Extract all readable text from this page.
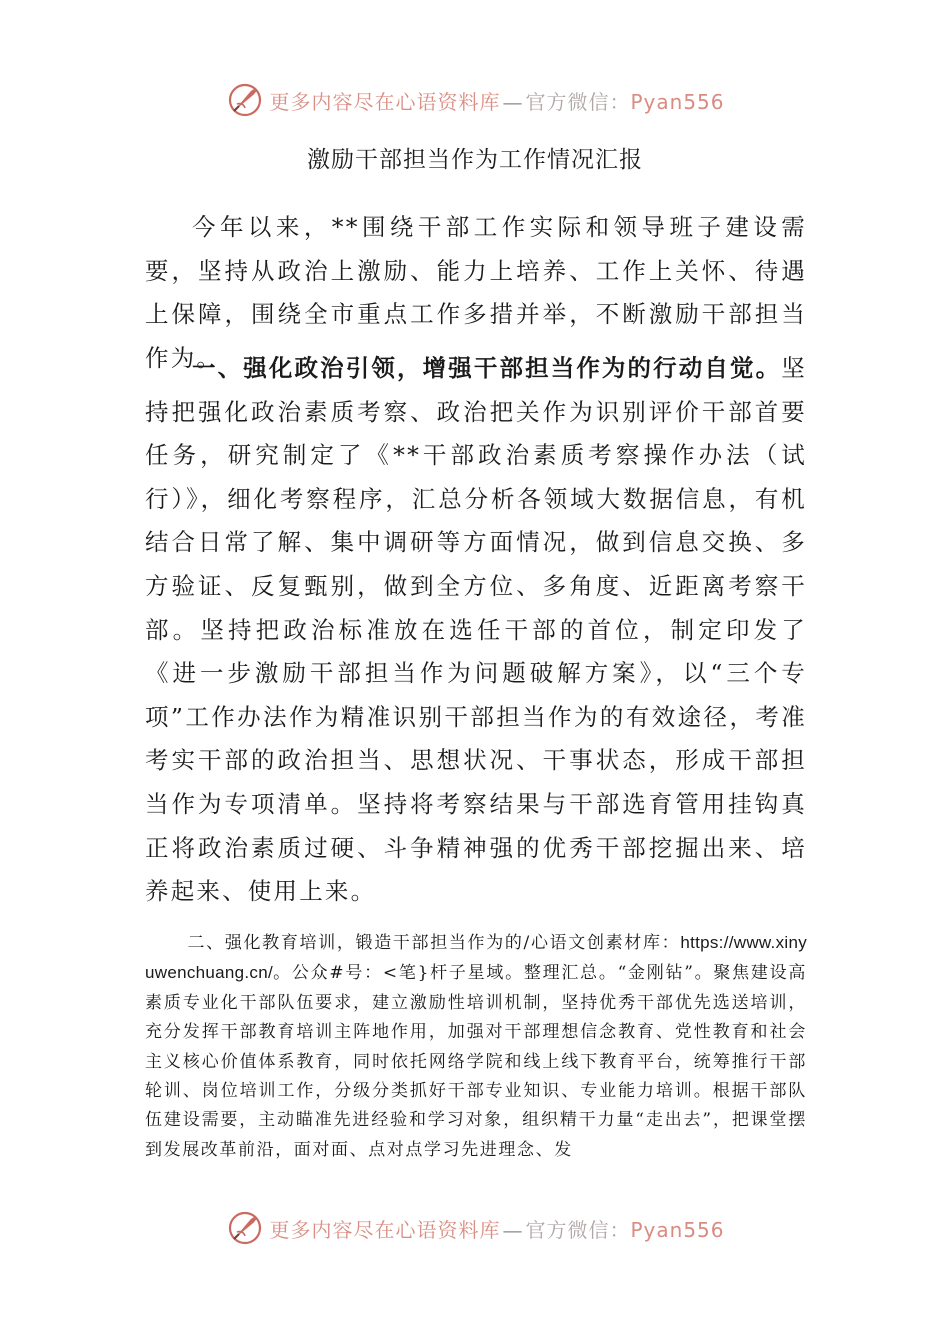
更多内容尽在心语资料库 — 官方微信：Pyan556
激励干部担当作为工作情况汇报

今年以来，**围绕干部工作实际和领导班子建设需要，坚持从政治上激励、能力上培养、工作上关怀、待遇上保障，围绕全市重点工作多措并举，不断激励干部担当作为。

一、强化政治引领，增强干部担当作为的行动自觉。坚持把强化政治素质考察、政治把关作为识别评价干部首要任务，研究制定了《**干部政治素质考察操作办法（试行）》，细化考察程序，汇总分析各领域大数据信息，有机结合日常了解、集中调研等方面情况，做到信息交换、多方验证、反复甄别，做到全方位、多角度、近距离考察干部。坚持把政治标准放在选任干部的首位，制定印发了《进一步激励干部担当作为问题破解方案》，以“三个专项”工作办法作为精准识别干部担当作为的有效途径，考准考实干部的政治担当、思想状况、干事状态，形成干部担当作为专项清单。坚持将考察结果与干部选育管用挂钩真正将政治素质过硬、斗争精神强的优秀干部挖掘出来、培养起来、使用上来。

二、强化教育培训，锻造干部担当作为的/心语文创素材库：https://www.xinyuwenchuang.cn/。公众#号：<笔}杆子星域。整理汇总。“金刚钻”。聚焦建设高素质专业化干部队伍要求，建立激励性培训机制，坚持优秀干部优先选送培训，充分发挥干部教育培训主阵地作用，加强对干部理想信念教育、党性教育和社会主义核心价值体系教育，同时依托网络学院和线上线下教育平台，统筹推行干部轮训、岗位培训工作，分级分类抓好干部专业知识、专业能力培训。根据干部队伍建设需要，主动瞄准先进经验和学习对象，组织精干力量“走出去”，把课堂摆到发展改革前沿，面对面、点对点学习先进理念、发

更多内容尽在心语资料库 — 官方微信：Pyan556
